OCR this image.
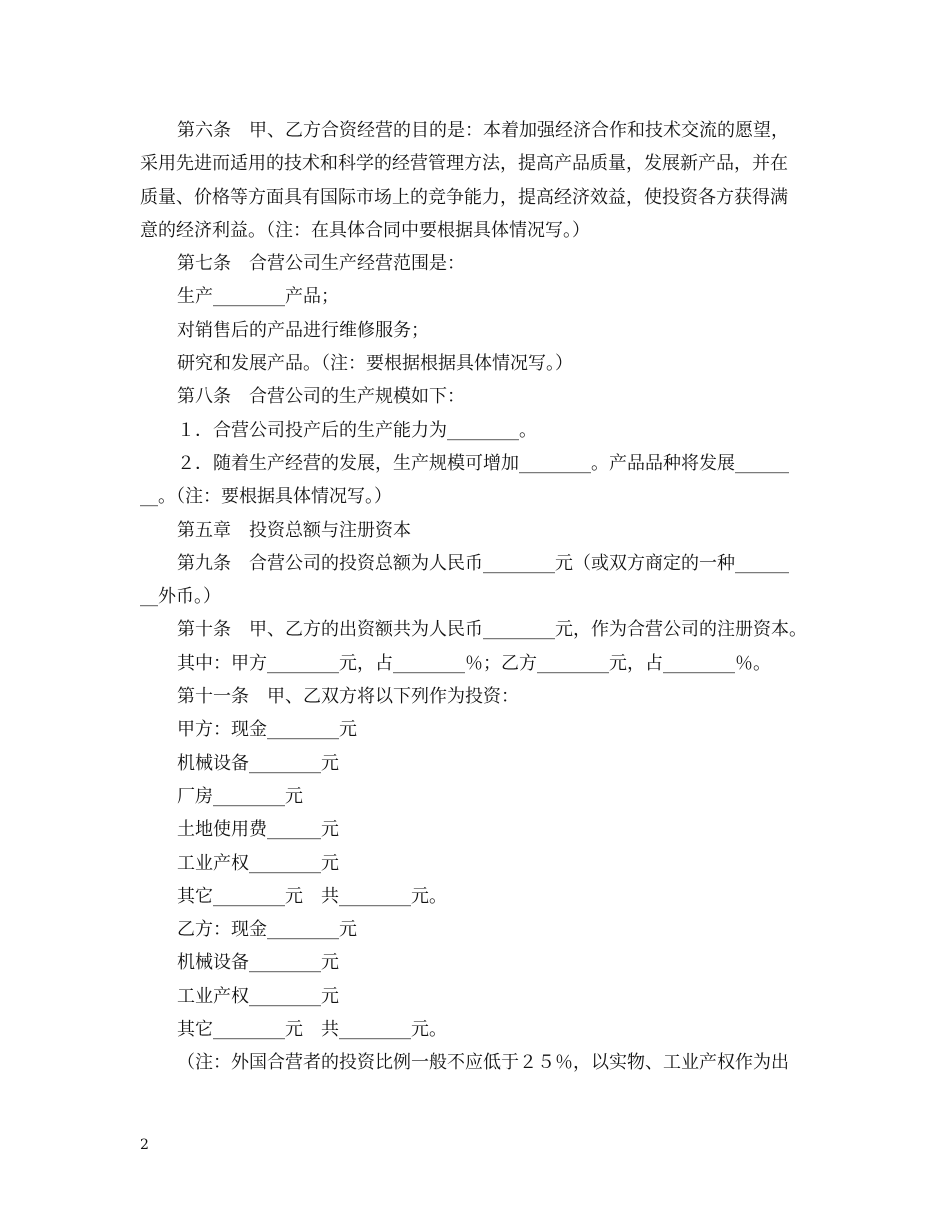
第六条　甲、乙方合资经营的目的是：本着加强经济合作和技术交流的愿望，

采用先进而适用的技术和科学的经营管理方法，提高产品质量，发展新产品，并在

质量、价格等方面具有国际市场上的竞争能力，提高经济效益，使投资各方获得满

意的经济利益。（注：在具体合同中要根据具体情况写。）

第七条　合营公司生产经营范围是：

生产________产品；

对销售后的产品进行维修服务；

研究和发展产品。（注：要根据根据具体情况写。）

第八条　合营公司的生产规模如下：

１．合营公司投产后的生产能力为________。

２．随着生产经营的发展，生产规模可增加________。产品品种将发展______

__。（注：要根据具体情况写。）

第五章　投资总额与注册资本

第九条　合营公司的投资总额为人民币________元（或双方商定的一种______

__外币。）

第十条　甲、乙方的出资额共为人民币________元，作为合营公司的注册资本。

其中：甲方________元，占________％；乙方________元，占________％。

第十一条　甲、乙双方将以下列作为投资：

甲方：现金________元

机械设备________元

厂房________元

土地使用费______元

工业产权________元

其它________元　共________元。

乙方：现金________元

机械设备________元

工业产权________元

其它________元　共________元。

（注：外国合营者的投资比例一般不应低于２５％，以实物、工业产权作为出

2
